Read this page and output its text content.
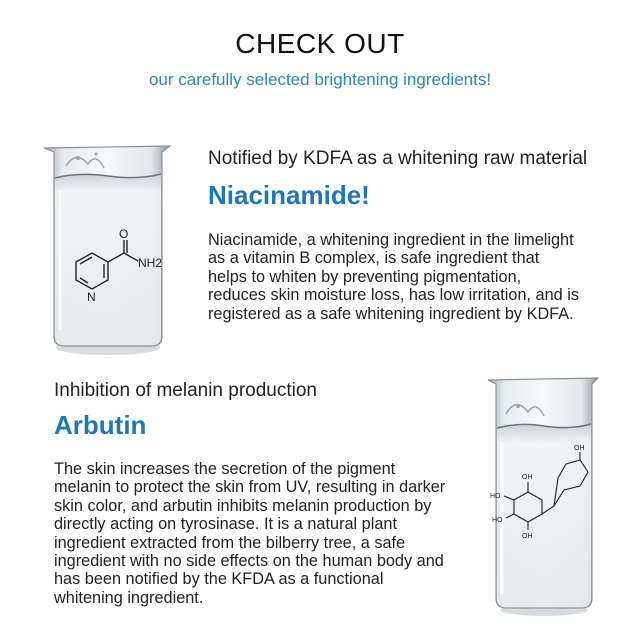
CHECK OUT
our carefully selected brightening ingredients!
O
NH2
N
Notified by KDFA as a whitening raw material
Niacinamide!
Niacinamide, a whitening ingredient in the limelight as a vitamin B complex, is safe ingredient that helps to whiten by preventing pigmentation, reduces skin moisture loss, has low irritation, and is registered as a safe whitening ingredient by KDFA.
Inhibition of melanin production
Arbutin
The skin increases the secretion of the pigment melanin to protect the skin from UV, resulting in darker skin color, and arbutin inhibits melanin production by directly acting on tyrosinase. It is a natural plant ingredient extracted from the bilberry tree, a safe ingredient with no side effects on the human body and has been notified by the KFDA as a functional whitening ingredient.
OH
OH
HO
HO
OH
